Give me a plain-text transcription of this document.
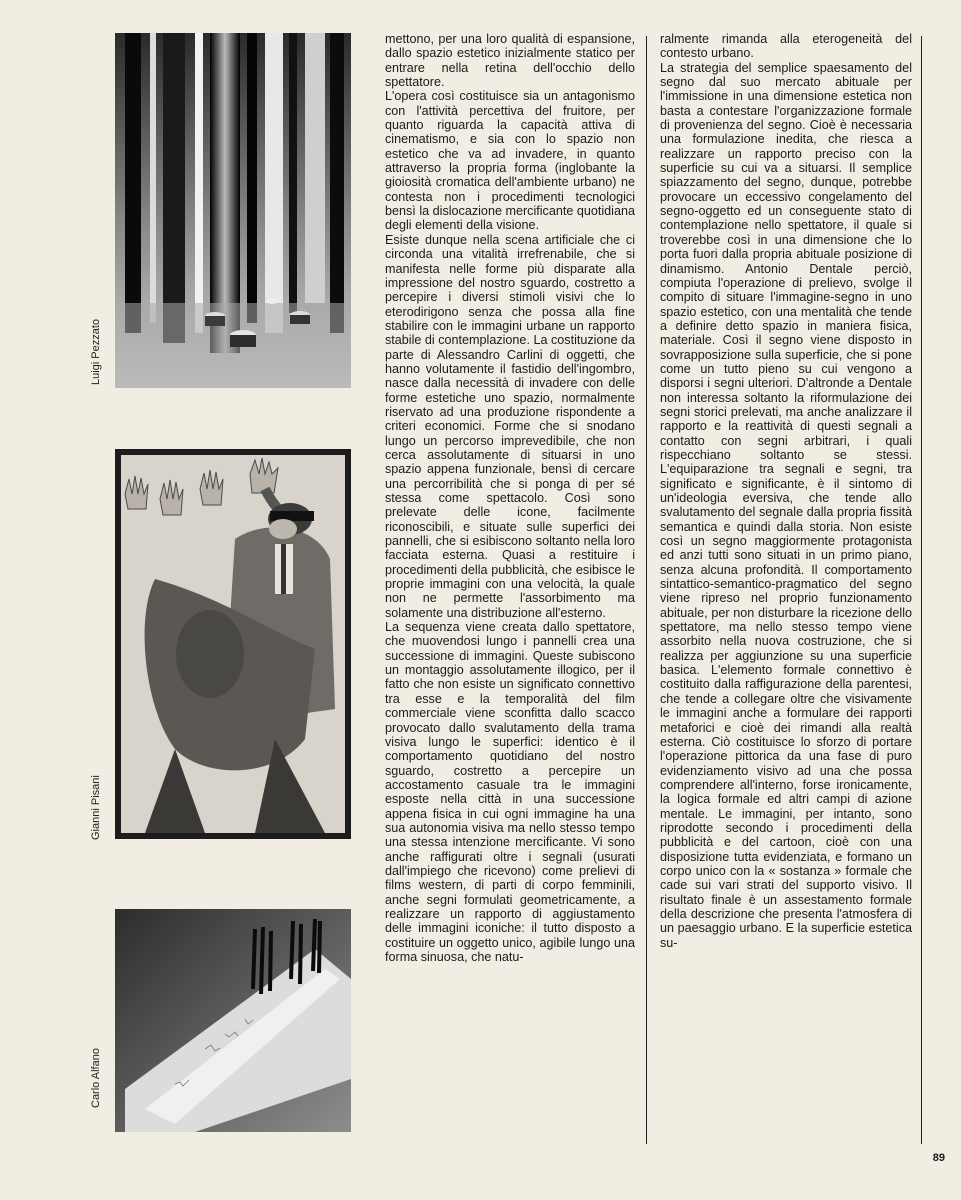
Luigi Pezzato
Gianni Pisani
Carlo Alfano

mettono, per una loro qualità di espansione, dallo spazio estetico inizialmente statico per entrare nella retina dell'occhio dello spettatore.

L'opera così costituisce sia un antagonismo con l'attività percettiva del fruitore, per quanto riguarda la capacità attiva di cinematismo, e sia con lo spazio non estetico che va ad invadere, in quanto attraverso la propria forma (inglobante la gioiosità cromatica dell'ambiente urbano) ne contesta non i procedimenti tecnologici bensì la dislocazione mercificante quotidiana degli elementi della visione.

Esiste dunque nella scena artificiale che ci circonda una vitalità irrefrenabile, che si manifesta nelle forme più disparate alla impressione del nostro sguardo, costretto a percepire i diversi stimoli visivi che lo eterodirigono senza che possa alla fine stabilire con le immagini urbane un rapporto stabile di contemplazione. La costituzione da parte di Alessandro Carlini di oggetti, che hanno volutamente il fastidio dell'ingombro, nasce dalla necessità di invadere con delle forme estetiche uno spazio, normalmente riservato ad una produzione rispondente a criteri economici. Forme che si snodano lungo un percorso imprevedibile, che non cerca assolutamente di situarsi in uno spazio appena funzionale, bensì di cercare una percorribilità che si ponga di per sé stessa come spettacolo. Così sono prelevate delle icone, facilmente riconoscibili, e situate sulle superfici dei pannelli, che si esibiscono soltanto nella loro facciata esterna. Quasi a restituire i procedimenti della pubblicità, che esibisce le proprie immagini con una velocità, la quale non ne permette l'assorbimento ma solamente una distribuzione all'esterno.

La sequenza viene creata dallo spettatore, che muovendosi lungo i pannelli crea una successione di immagini. Queste subiscono un montaggio assolutamente illogico, per il fatto che non esiste un significato connettivo tra esse e la temporalità del film commerciale viene sconfitta dallo scacco provocato dallo svalutamento della trama visiva lungo le superfici: identico è il comportamento quotidiano del nostro sguardo, costretto a percepire un accostamento casuale tra le immagini esposte nella città in una successione appena fisica in cui ogni immagine ha una sua autonomia visiva ma nello stesso tempo una stessa intenzione mercificante. Vi sono anche raffigurati oltre i segnali (usurati dall'impiego che ricevono) come prelievi di films western, di parti di corpo femminili, anche segni formulati geometricamente, a realizzare un rapporto di aggiustamento delle immagini iconiche: il tutto disposto a costituire un oggetto unico, agibile lungo una forma sinuosa, che natu-

ralmente rimanda alla eterogeneità del contesto urbano.

La strategia del semplice spaesamento del segno dal suo mercato abituale per l'immissione in una dimensione estetica non basta a contestare l'organizzazione formale di provenienza del segno. Cioè è necessaria una formulazione inedita, che riesca a realizzare un rapporto preciso con la superficie su cui va a situarsi. Il semplice spiazzamento del segno, dunque, potrebbe provocare un eccessivo congelamento del segno-oggetto ed un conseguente stato di contemplazione nello spettatore, il quale si troverebbe così in una dimensione che lo porta fuori dalla propria abituale posizione di dinamismo. Antonio Dentale perciò, compiuta l'operazione di prelievo, svolge il compito di situare l'immagine-segno in uno spazio estetico, con una mentalità che tende a definire detto spazio in maniera fisica, materiale. Così il segno viene disposto in sovrapposizione sulla superficie, che si pone come un tutto pieno su cui vengono a disporsi i segni ulteriori. D'altronde a Dentale non interessa soltanto la riformulazione dei segni storici prelevati, ma anche analizzare il rapporto e la reattività di questi segnali a contatto con segni arbitrari, i quali rispecchiano soltanto se stessi. L'equiparazione tra segnali e segni, tra significato e significante, è il sintomo di un'ideologia eversiva, che tende allo svalutamento del segnale dalla propria fissità semantica e quindi dalla storia. Non esiste così un segno maggiormente protagonista ed anzi tutti sono situati in un primo piano, senza alcuna profondità. Il comportamento sintattico-semantico-pragmatico del segno viene ripreso nel proprio funzionamento abituale, per non disturbare la ricezione dello spettatore, ma nello stesso tempo viene assorbito nella nuova costruzione, che si realizza per aggiunzione su una superficie basica. L'elemento formale connettivo è costituito dalla raffigurazione della parentesi, che tende a collegare oltre che visivamente le immagini anche a formulare dei rapporti metaforici e cioè dei rimandi alla realtà esterna. Ciò costituisce lo sforzo di portare l'operazione pittorica da una fase di puro evidenziamento visivo ad una che possa comprendere all'interno, forse ironicamente, la logica formale ed altri campi di azione mentale. Le immagini, per intanto, sono riprodotte secondo i procedimenti della pubblicità e del cartoon, cioè con una disposizione tutta evidenziata, e formano un corpo unico con la « sostanza » formale che cade sui vari strati del supporto visivo. Il risultato finale è un assestamento formale della descrizione che presenta l'atmosfera di un paesaggio urbano. E la superficie estetica su-

89
